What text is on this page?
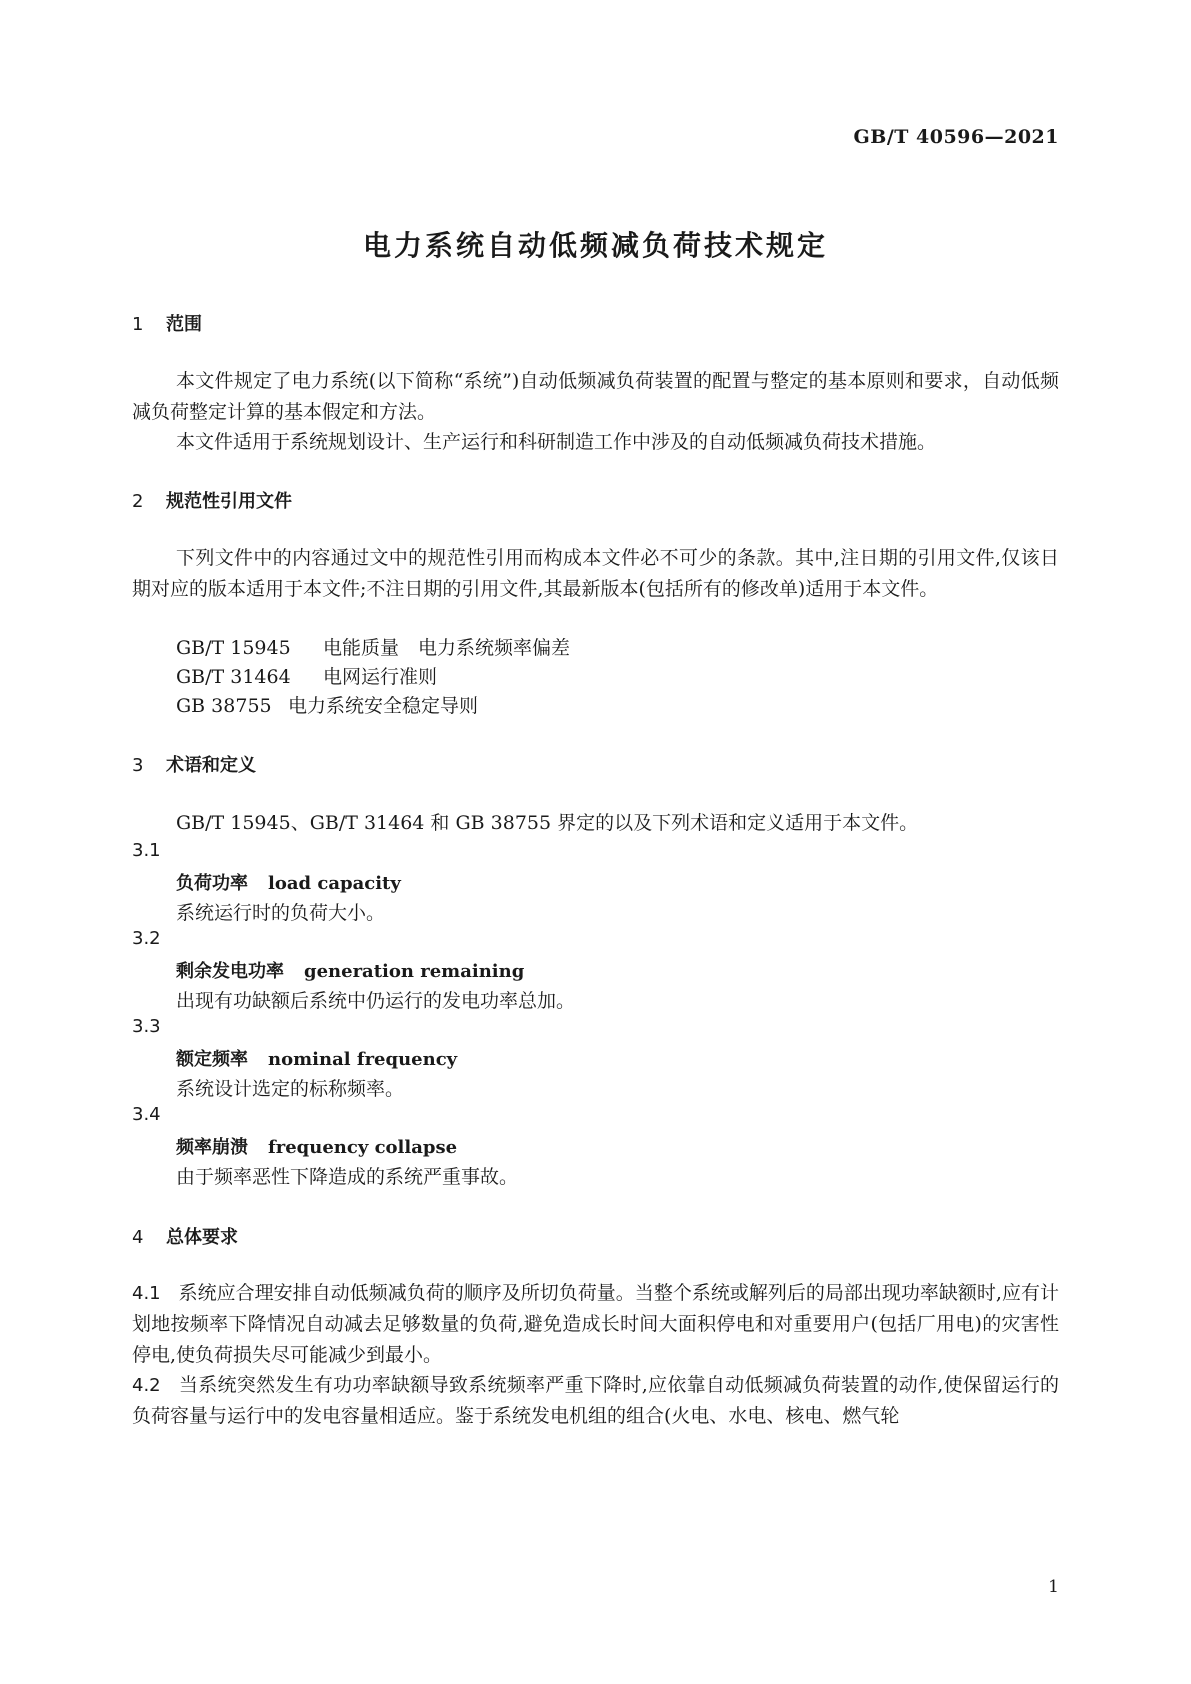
GB/T 40596—2021
电力系统自动低频减负荷技术规定
1 范围
本文件规定了电力系统(以下简称“系统”)自动低频减负荷装置的配置与整定的基本原则和要求，自动低频减负荷整定计算的基本假定和方法。
本文件适用于系统规划设计、生产运行和科研制造工作中涉及的自动低频减负荷技术措施。
2 规范性引用文件
下列文件中的内容通过文中的规范性引用而构成本文件必不可少的条款。其中,注日期的引用文件,仅该日期对应的版本适用于本文件;不注日期的引用文件,其最新版本(包括所有的修改单)适用于本文件。
GB/T 15945 电能质量　电力系统频率偏差
GB/T 31464 电网运行准则
GB 38755 电力系统安全稳定导则
3 术语和定义
GB/T 15945、GB/T 31464 和 GB 38755 界定的以及下列术语和定义适用于本文件。
3.1
负荷功率 load capacity
系统运行时的负荷大小。
3.2
剩余发电功率 generation remaining
出现有功缺额后系统中仍运行的发电功率总加。
3.3
额定频率 nominal frequency
系统设计选定的标称频率。
3.4
频率崩溃 frequency collapse
由于频率恶性下降造成的系统严重事故。
4 总体要求
4.1 系统应合理安排自动低频减负荷的顺序及所切负荷量。当整个系统或解列后的局部出现功率缺额时,应有计划地按频率下降情况自动减去足够数量的负荷,避免造成长时间大面积停电和对重要用户(包括厂用电)的灾害性停电,使负荷损失尽可能减少到最小。
4.2 当系统突然发生有功功率缺额导致系统频率严重下降时,应依靠自动低频减负荷装置的动作,使保留运行的负荷容量与运行中的发电容量相适应。鉴于系统发电机组的组合(火电、水电、核电、燃气轮
1
